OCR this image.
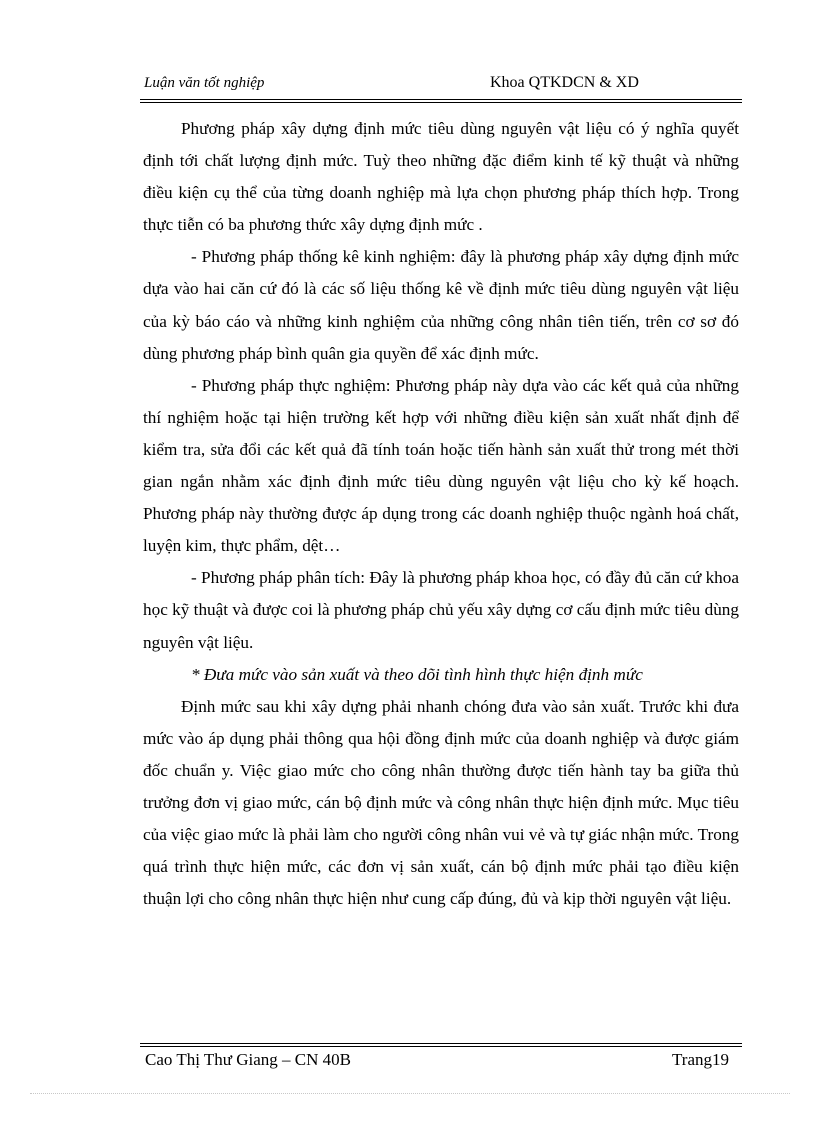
Luận văn tốt nghiệp	Khoa QTKDCN & XD

Phương pháp xây dựng định mức tiêu dùng nguyên vật liệu có ý nghĩa quyết định tới chất lượng định mức. Tuỳ theo những đặc điểm kinh tế kỹ thuật và những điều kiện cụ thể của từng doanh nghiệp mà lựa chọn phương pháp thích hợp. Trong thực tiễn có ba phương thức xây dựng định mức .

- Phương pháp thống kê kinh nghiệm: đây là phương pháp xây dựng định mức dựa vào hai căn cứ đó là các số liệu thống kê về định mức tiêu dùng nguyên vật liệu của kỳ báo cáo và những kinh nghiệm của những công nhân tiên tiến, trên cơ sơ đó dùng phương pháp bình quân gia quyền để xác định mức.

- Phương pháp thực nghiệm: Phương pháp này dựa vào các kết quả của những thí nghiệm hoặc tại hiện trường kết hợp với những điều kiện sản xuất nhất định để kiểm tra, sửa đổi các kết quả đã tính toán hoặc tiến hành sản xuất thử trong mét thời gian ngắn nhằm xác định định mức tiêu dùng nguyên vật liệu cho kỳ kế hoạch. Phương pháp này thường được áp dụng trong các doanh nghiệp thuộc ngành hoá chất, luyện kim, thực phẩm, dệt…

- Phương pháp phân tích: Đây là phương pháp khoa học, có đầy đủ căn cứ khoa học kỹ thuật và được coi là phương pháp chủ yếu xây dựng cơ cấu định mức tiêu dùng nguyên vật liệu.

* Đưa mức vào sản xuất và theo dõi tình hình thực hiện định mức

Định mức sau khi xây dựng phải nhanh chóng đưa vào sản xuất. Trước khi đưa mức vào áp dụng phải thông qua hội đồng định mức của doanh nghiệp và được giám đốc chuẩn y. Việc giao mức cho công nhân thường được tiến hành tay ba giữa thủ trưởng đơn vị giao mức, cán bộ định mức và công nhân thực hiện định mức. Mục tiêu của việc giao mức là phải làm cho người công nhân vui vẻ và tự giác nhận mức. Trong quá trình thực hiện mức, các đơn vị sản xuất, cán bộ định mức phải tạo điều kiện thuận lợi cho công nhân thực hiện như cung cấp đúng, đủ và kịp thời nguyên vật liệu.

Cao Thị Thư Giang – CN 40B	Trang19
